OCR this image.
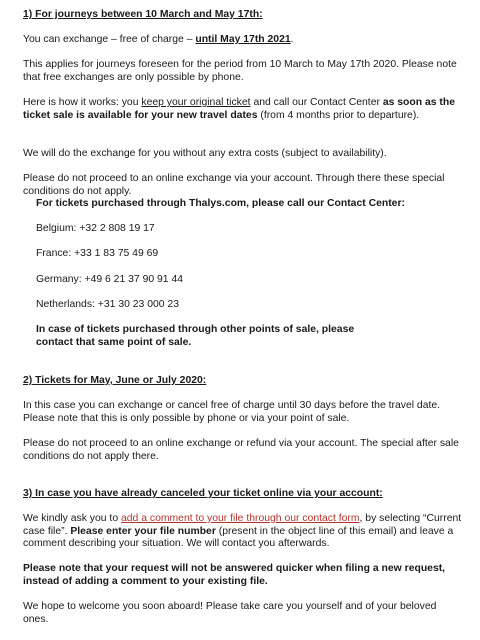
1) For journeys between 10 March and May 17th:

You can exchange – free of charge – until May 17th 2021.

This applies for journeys foreseen for the period from 10 March to May 17th 2020. Please note that free exchanges are only possible by phone.

Here is how it works: you keep your original ticket and call our Contact Center as soon as the ticket sale is available for your new travel dates (from 4 months prior to departure).

We will do the exchange for you without any extra costs (subject to availability).

Please do not proceed to an online exchange via your account. Through there these special conditions do not apply.

For tickets purchased through Thalys.com, please call our Contact Center:

Belgium: +32 2 808 19 17

France: +33 1 83 75 49 69

Germany: +49 6 21 37 90 91 44

Netherlands: +31 30 23 000 23

In case of tickets purchased through other points of sale, please contact that same point of sale.

2) Tickets for May, June or July 2020:

In this case you can exchange or cancel free of charge until 30 days before the travel date. Please note that this is only possible by phone or via your point of sale.

Please do not proceed to an online exchange or refund via your account. The special after sale conditions do not apply there.

3) In case you have already canceled your ticket online via your account:

We kindly ask you to add a comment to your file through our contact form, by selecting “Current case file”. Please enter your file number (present in the object line of this email) and leave a comment describing your situation. We will contact you afterwards.

Please note that your request will not be answered quicker when filing a new request, instead of adding a comment to your existing file.

We hope to welcome you soon aboard! Please take care you yourself and of your beloved ones.
